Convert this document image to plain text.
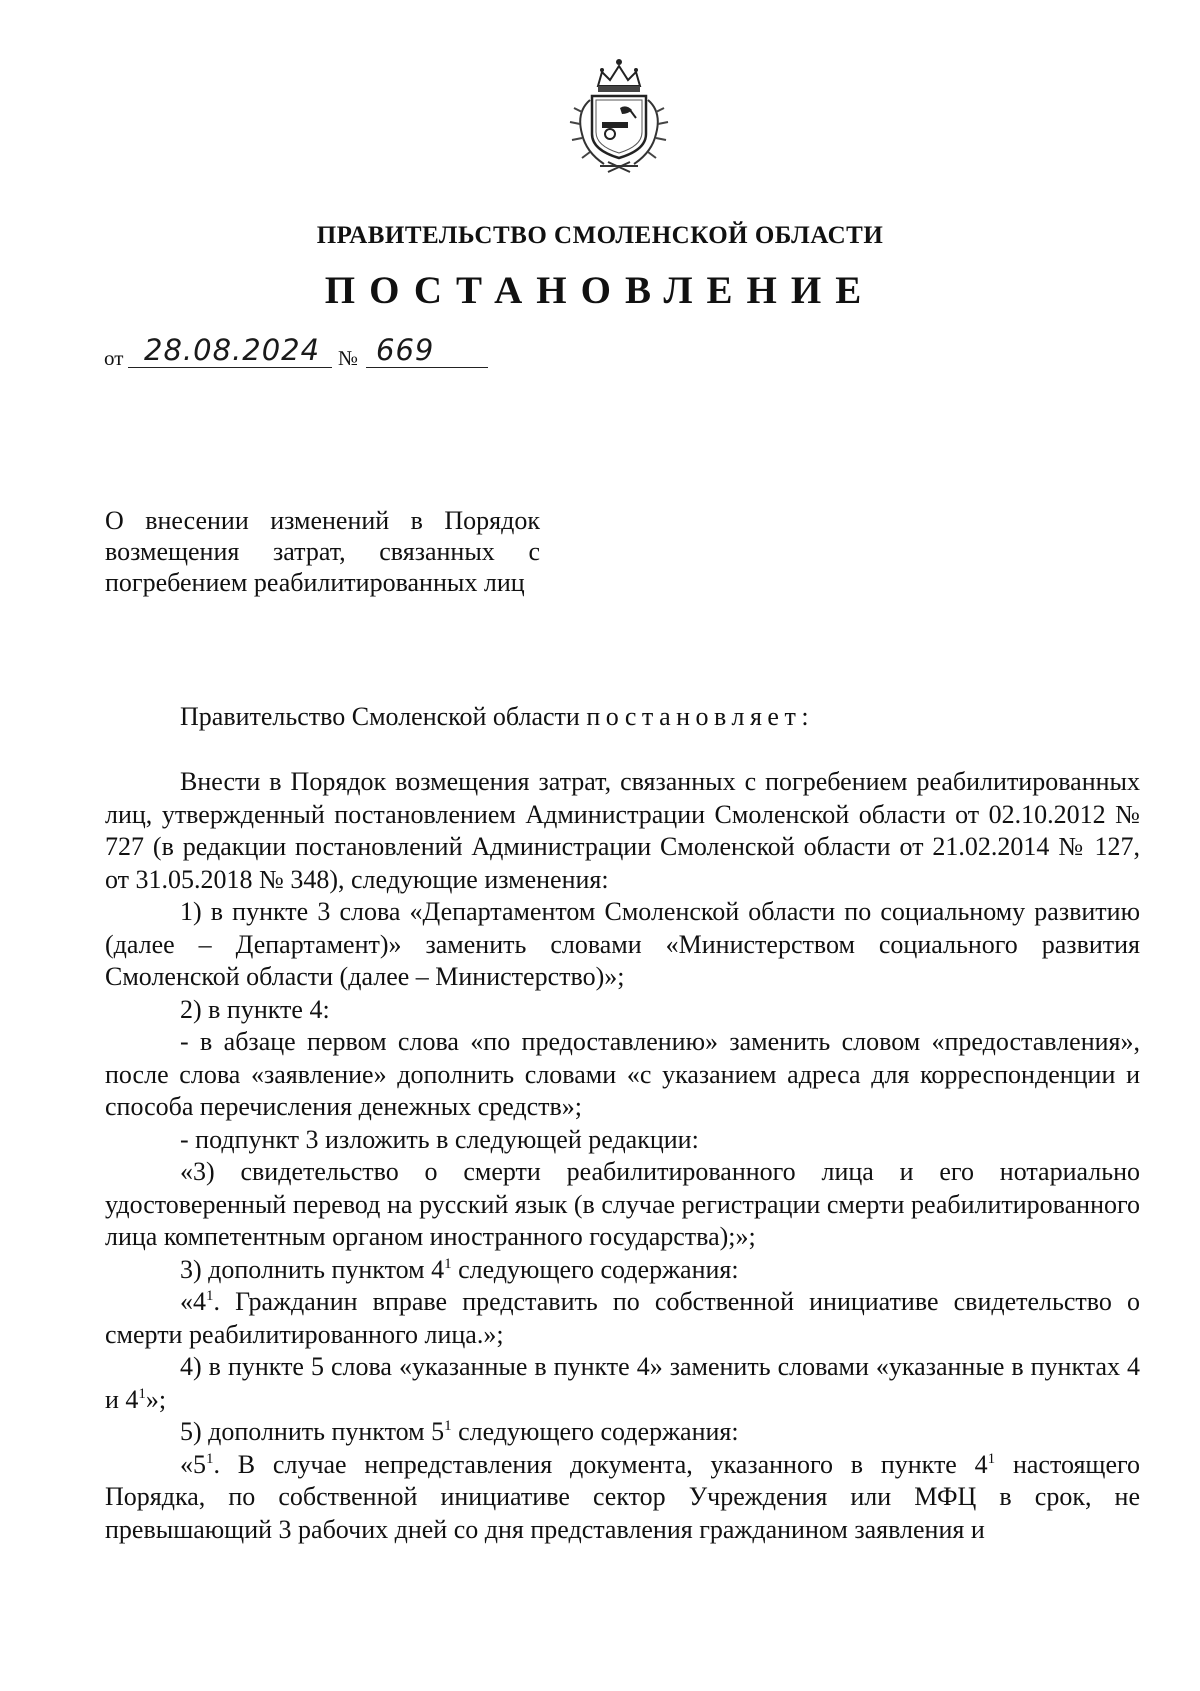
ПРАВИТЕЛЬСТВО СМОЛЕНСКОЙ ОБЛАСТИ
ПОСТАНОВЛЕНИЕ
от 28.08.2024 № 669
О внесении изменений в Порядок возмещения затрат, связанных с погребением реабилитированных лиц
Правительство Смоленской области постановляет:

Внести в Порядок возмещения затрат, связанных с погребением реабилитированных лиц, утвержденный постановлением Администрации Смоленской области от 02.10.2012 № 727 (в редакции постановлений Администрации Смоленской области от 21.02.2014 № 127, от 31.05.2018 № 348), следующие изменения:

1) в пункте 3 слова «Департаментом Смоленской области по социальному развитию (далее – Департамент)» заменить словами «Министерством социального развития Смоленской области (далее – Министерство)»;

2) в пункте 4:

- в абзаце первом слова «по предоставлению» заменить словом «предоставления», после слова «заявление» дополнить словами «с указанием адреса для корреспонденции и способа перечисления денежных средств»;

- подпункт 3 изложить в следующей редакции:

«3) свидетельство о смерти реабилитированного лица и его нотариально удостоверенный перевод на русский язык (в случае регистрации смерти реабилитированного лица компетентным органом иностранного государства);»;

3) дополнить пунктом $4^1$ следующего содержания:

«$4^1$. Гражданин вправе представить по собственной инициативе свидетельство о смерти реабилитированного лица.»;

4) в пункте 5 слова «указанные в пункте 4» заменить словами «указанные в пунктах 4 и $4^1$»;

5) дополнить пунктом $5^1$ следующего содержания:

«$5^1$. В случае непредставления документа, указанного в пункте $4^1$ настоящего Порядка, по собственной инициативе сектор Учреждения или МФЦ в срок, не превышающий 3 рабочих дней со дня представления гражданином заявления и
